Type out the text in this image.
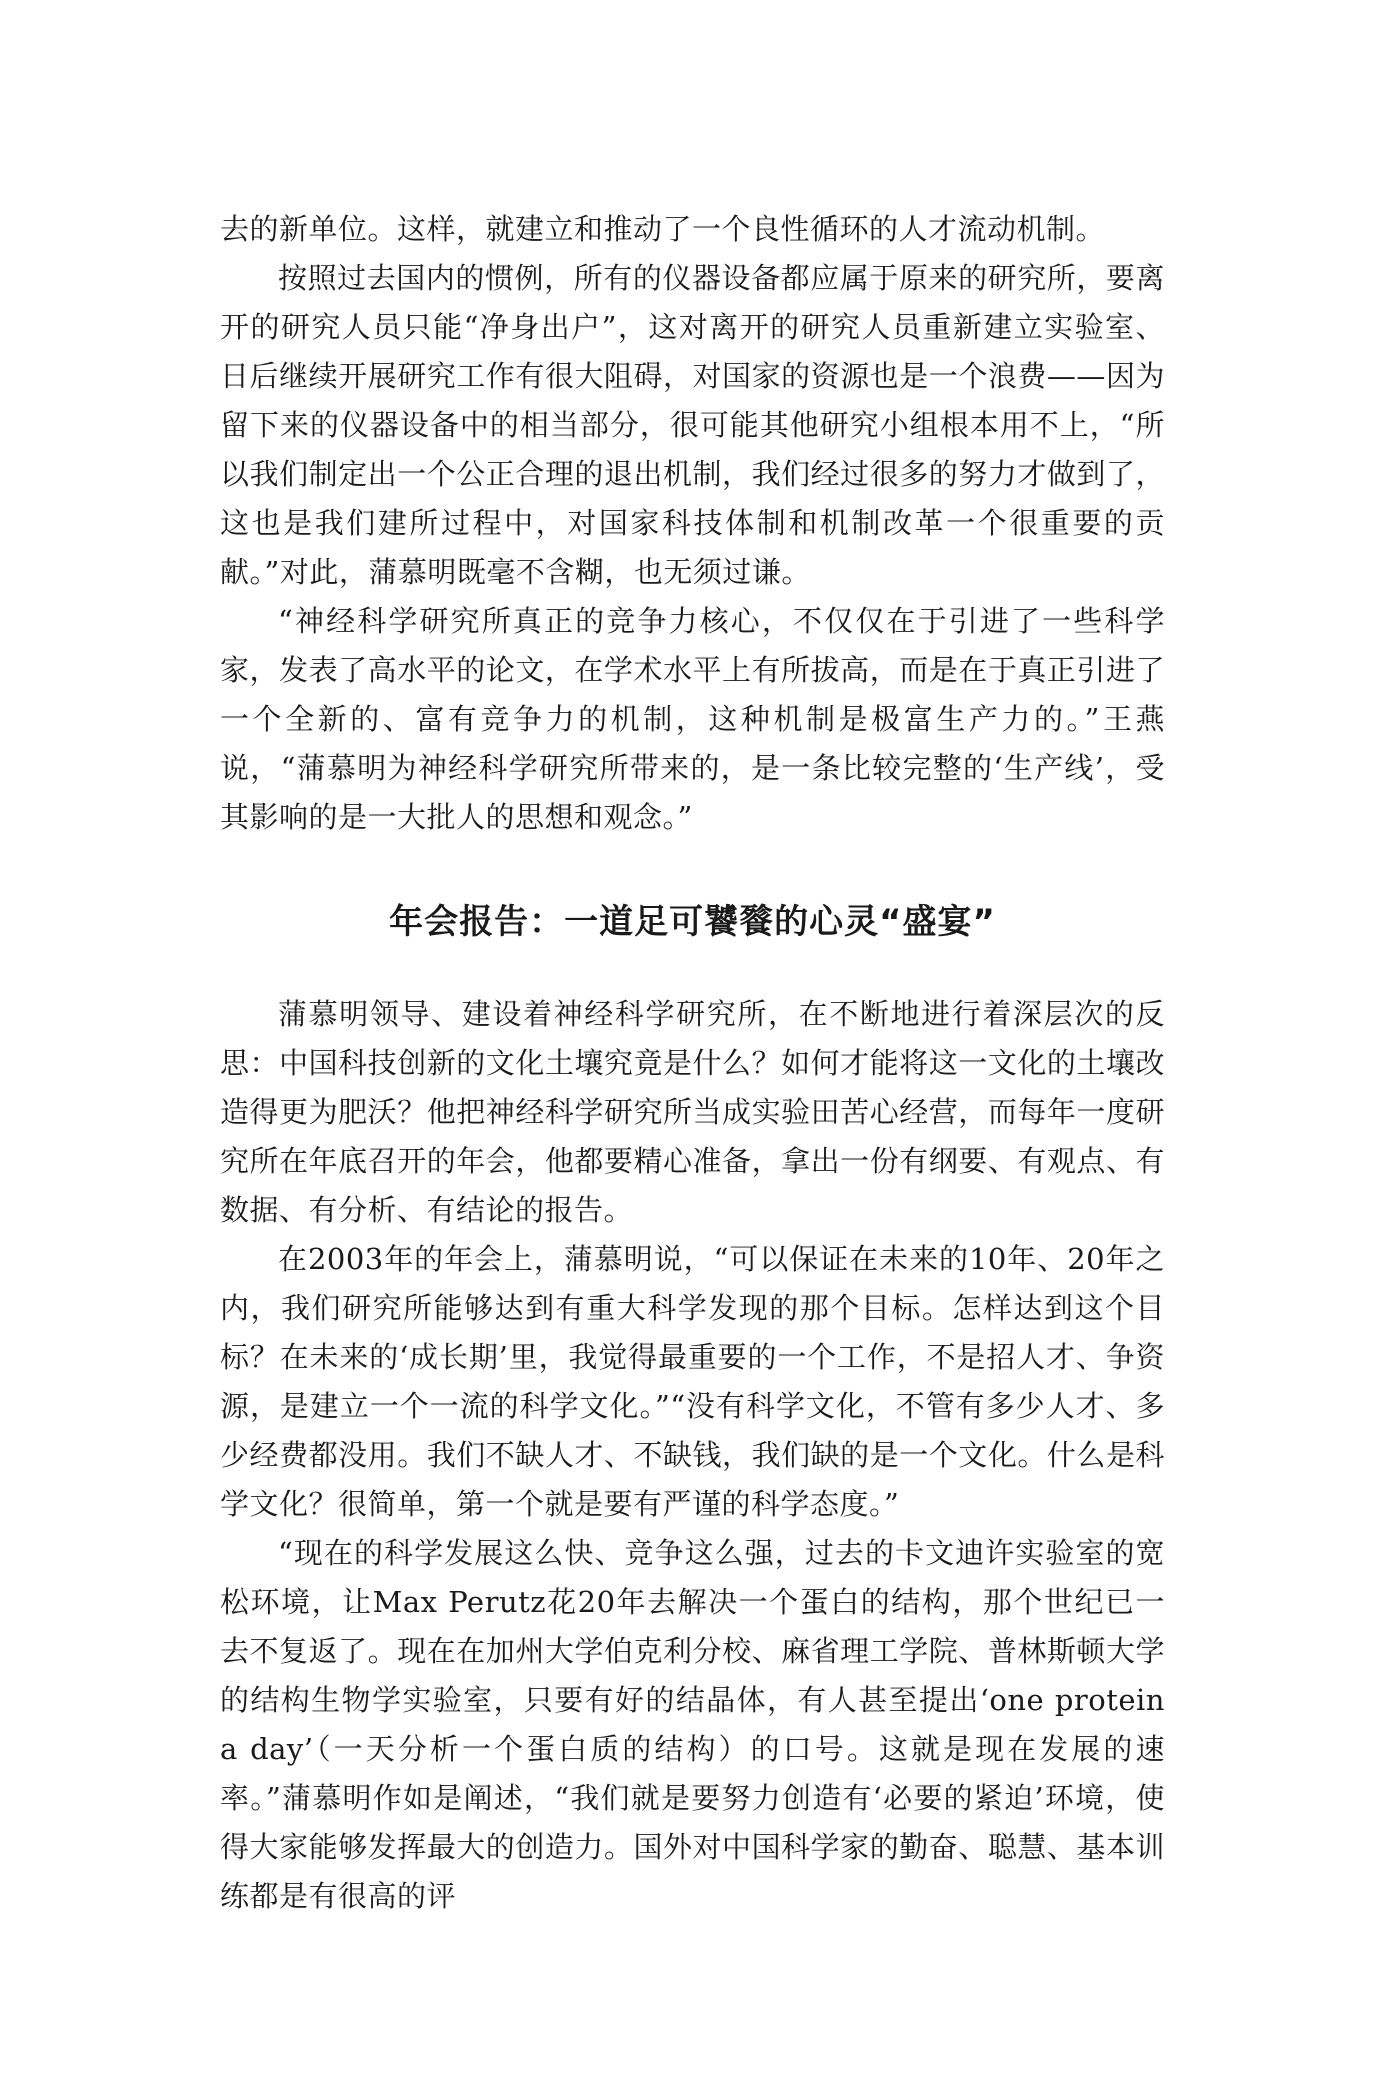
去的新单位。这样，就建立和推动了一个良性循环的人才流动机制。

按照过去国内的惯例，所有的仪器设备都应属于原来的研究所，要离开的研究人员只能“净身出户”，这对离开的研究人员重新建立实验室、日后继续开展研究工作有很大阻碍，对国家的资源也是一个浪费——因为留下来的仪器设备中的相当部分，很可能其他研究小组根本用不上，“所以我们制定出一个公正合理的退出机制，我们经过很多的努力才做到了，这也是我们建所过程中，对国家科技体制和机制改革一个很重要的贡献。”对此，蒲慕明既毫不含糊，也无须过谦。

“神经科学研究所真正的竞争力核心，不仅仅在于引进了一些科学家，发表了高水平的论文，在学术水平上有所拔高，而是在于真正引进了一个全新的、富有竞争力的机制，这种机制是极富生产力的。”王燕说，“蒲慕明为神经科学研究所带来的，是一条比较完整的‘生产线’，受其影响的是一大批人的思想和观念。”

年会报告：一道足可饕餮的心灵“盛宴”

蒲慕明领导、建设着神经科学研究所，在不断地进行着深层次的反思：中国科技创新的文化土壤究竟是什么？如何才能将这一文化的土壤改造得更为肥沃？他把神经科学研究所当成实验田苦心经营，而每年一度研究所在年底召开的年会，他都要精心准备，拿出一份有纲要、有观点、有数据、有分析、有结论的报告。

在2003年的年会上，蒲慕明说，“可以保证在未来的10年、20年之内，我们研究所能够达到有重大科学发现的那个目标。怎样达到这个目标？在未来的‘成长期’里，我觉得最重要的一个工作，不是招人才、争资源，是建立一个一流的科学文化。”“没有科学文化，不管有多少人才、多少经费都没用。我们不缺人才、不缺钱，我们缺的是一个文化。什么是科学文化？很简单，第一个就是要有严谨的科学态度。”

“现在的科学发展这么快、竞争这么强，过去的卡文迪许实验室的宽松环境，让Max Perutz花20年去解决一个蛋白的结构，那个世纪已一去不复返了。现在在加州大学伯克利分校、麻省理工学院、普林斯顿大学的结构生物学实验室，只要有好的结晶体，有人甚至提出‘one protein a day’（一天分析一个蛋白质的结构）的口号。这就是现在发展的速率。”蒲慕明作如是阐述，“我们就是要努力创造有‘必要的紧迫’环境，使得大家能够发挥最大的创造力。国外对中国科学家的勤奋、聪慧、基本训练都是有很高的评
